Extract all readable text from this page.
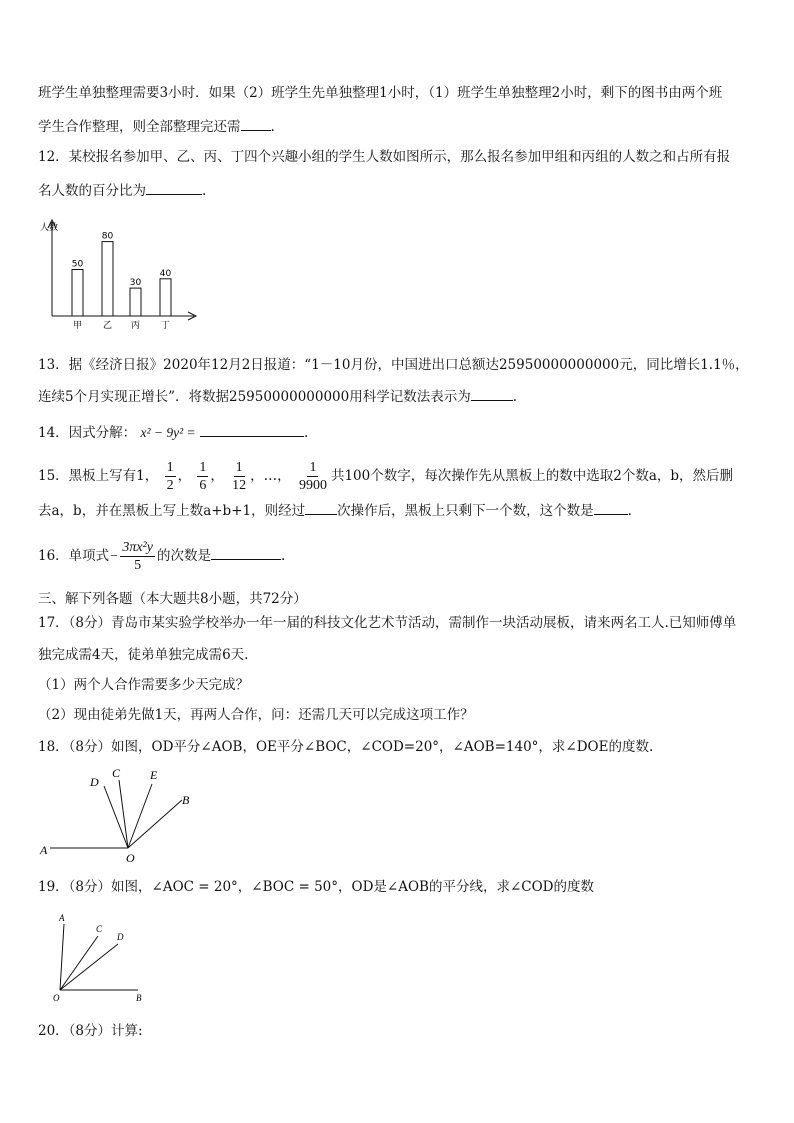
班学生单独整理需要3小时．如果（2）班学生先单独整理1小时，（1）班学生单独整理2小时，剩下的图书由两个班
学生合作整理，则全部整理完还需 .
12．某校报名参加甲、乙、丙、丁四个兴趣小组的学生人数如图所示，那么报名参加甲组和丙组的人数之和占所有报
名人数的百分比为	.
人数
50
甲
80
乙
30
丙
40
丁
13．据《经济日报》2020年12月2日报道：“1－10月份，中国进出口总额达25950000000000元，同比增长1.1％，
连续5个月实现正增长”．将数据25950000000000用科学记数法表示为	.
14．因式分解： x² − 9y² =	.
15．黑板上写有1， $\frac{1}{2}$ ， $\frac{1}{6}$ ， $\frac{1}{12}$ ，…， $\frac{1}{9900}$ 共100个数字，每次操作先从黑板上的数中选取2个数a，b，然后删
去a，b，并在黑板上写上数a+b+1，则经过 次操作后，黑板上只剩下一个数，这个数是	.
16．单项式− $\frac{\text{3πx²y}}{5}$ 的次数是	.
三、解下列各题（本大题共8小题，共72分）
17．（8分）青岛市某实验学校举办一年一届的科技文化艺术节活动，需制作一块活动展板，请来两名工人.已知师傅单
独完成需4天，徒弟单独完成需6天.
（1）两个人合作需要多少天完成？
（2）现由徒弟先做1天，再两人合作，问：还需几天可以完成这项工作？
18．（8分）如图，OD平分∠AOB，OE平分∠BOC，∠COD=20°，∠AOB=140°，求∠DOE的度数.
A
O
D
C E
B
19．（8分）如图，∠AOC = 20°，∠BOC = 50°，OD是∠AOB的平分线，求∠COD的度数
A
C
D
O	B
20．（8分）计算:
